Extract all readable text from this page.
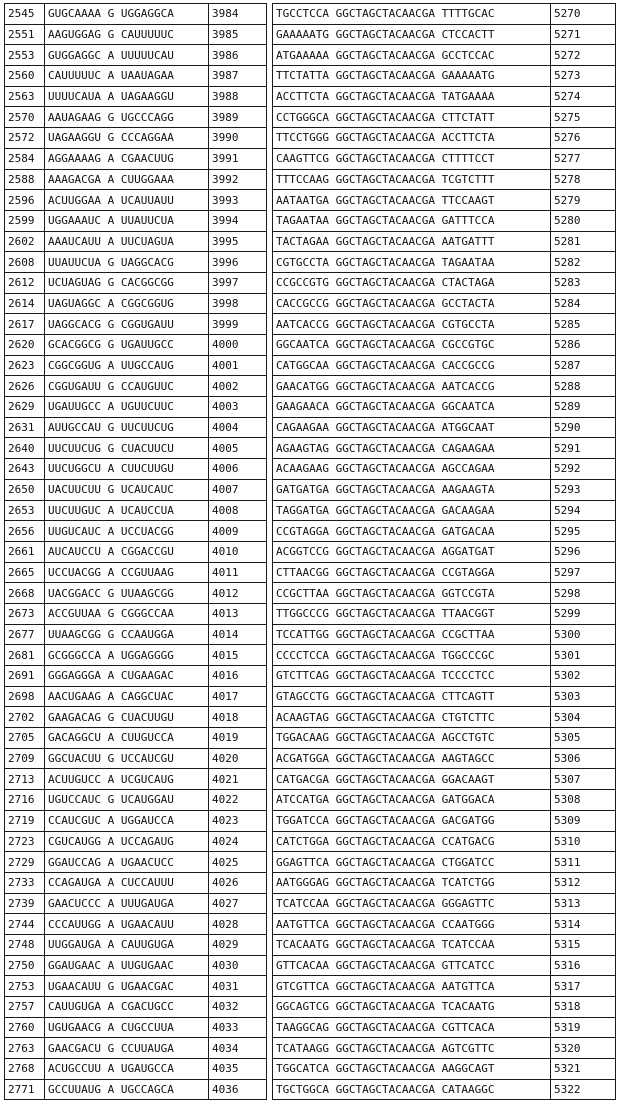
2545	GUGCAAAA G UGGAGGCA	3984		TGCCTCCA GGCTAGCTACAACGA TTTTGCAC	5270
2551	AAGUGGAG G CAUUUUUC	3985		GAAAAATG GGCTAGCTACAACGA CTCCACTT	5271
2553	GUGGAGGC A UUUUUCAU	3986		ATGAAAAA GGCTAGCTACAACGA GCCTCCAC	5272
2560	CAUUUUUC A UAAUAGAA	3987		TTCTATTA GGCTAGCTACAACGA GAAAAATG	5273
2563	UUUUCAUA A UAGAAGGU	3988		ACCTTCTA GGCTAGCTACAACGA TATGAAAA	5274
2570	AAUAGAAG G UGCCCAGG	3989		CCTGGGCA GGCTAGCTACAACGA CTTCTATT	5275
2572	UAGAAGGU G CCCAGGAA	3990		TTCCTGGG GGCTAGCTACAACGA ACCTTCTA	5276
2584	AGGAAAAG A CGAACUUG	3991		CAAGTTCG GGCTAGCTACAACGA CTTTTCCT	5277
2588	AAAGACGA A CUUGGAAA	3992		TTTCCAAG GGCTAGCTACAACGA TCGTCTTT	5278
2596	ACUUGGAA A UCAUUAUU	3993		AATAATGA GGCTAGCTACAACGA TTCCAAGT	5279
2599	UGGAAAUC A UUAUUCUA	3994		TAGAATAA GGCTAGCTACAACGA GATTTCCA	5280
2602	AAAUCAUU A UUCUAGUA	3995		TACTAGAA GGCTAGCTACAACGA AATGATTT	5281
2608	UUAUUCUA G UAGGCACG	3996		CGTGCCTA GGCTAGCTACAACGA TAGAATAA	5282
2612	UCUAGUAG G CACGGCGG	3997		CCGCCGTG GGCTAGCTACAACGA CTACTAGA	5283
2614	UAGUAGGC A CGGCGGUG	3998		CACCGCCG GGCTAGCTACAACGA GCCTACTA	5284
2617	UAGGCACG G CGGUGAUU	3999		AATCACCG GGCTAGCTACAACGA CGTGCCTA	5285
2620	GCACGGCG G UGAUUGCC	4000		GGCAATCA GGCTAGCTACAACGA CGCCGTGC	5286
2623	CGGCGGUG A UUGCCAUG	4001		CATGGCAA GGCTAGCTACAACGA CACCGCCG	5287
2626	CGGUGAUU G CCAUGUUC	4002		GAACATGG GGCTAGCTACAACGA AATCACCG	5288
2629	UGAUUGCC A UGUUCUUC	4003		GAAGAACA GGCTAGCTACAACGA GGCAATCA	5289
2631	AUUGCCAU G UUCUUCUG	4004		CAGAAGAA GGCTAGCTACAACGA ATGGCAAT	5290
2640	UUCUUCUG G CUACUUCU	4005		AGAAGTAG GGCTAGCTACAACGA CAGAAGAA	5291
2643	UUCUGGCU A CUUCUUGU	4006		ACAAGAAG GGCTAGCTACAACGA AGCCAGAA	5292
2650	UACUUCUU G UCAUCAUC	4007		GATGATGA GGCTAGCTACAACGA AAGAAGTA	5293
2653	UUCUUGUC A UCAUCCUA	4008		TAGGATGA GGCTAGCTACAACGA GACAAGAA	5294
2656	UUGUCAUC A UCCUACGG	4009		CCGTAGGA GGCTAGCTACAACGA GATGACAA	5295
2661	AUCAUCCU A CGGACCGU	4010		ACGGTCCG GGCTAGCTACAACGA AGGATGAT	5296
2665	UCCUACGG A CCGUUAAG	4011		CTTAACGG GGCTAGCTACAACGA CCGTAGGA	5297
2668	UACGGACC G UUAAGCGG	4012		CCGCTTAA GGCTAGCTACAACGA GGTCCGTA	5298
2673	ACCGUUAA G CGGGCCAA	4013		TTGGCCCG GGCTAGCTACAACGA TTAACGGT	5299
2677	UUAAGCGG G CCAAUGGA	4014		TCCATTGG GGCTAGCTACAACGA CCGCTTAA	5300
2681	GCGGGCCA A UGGAGGGG	4015		CCCCTCCA GGCTAGCTACAACGA TGGCCCGC	5301
2691	GGGAGGGA A CUGAAGAC	4016		GTCTTCAG GGCTAGCTACAACGA TCCCCTCC	5302
2698	AACUGAAG A CAGGCUAC	4017		GTAGCCTG GGCTAGCTACAACGA CTTCAGTT	5303
2702	GAAGACAG G CUACUUGU	4018		ACAAGTAG GGCTAGCTACAACGA CTGTCTTC	5304
2705	GACAGGCU A CUUGUCCA	4019		TGGACAAG GGCTAGCTACAACGA AGCCTGTC	5305
2709	GGCUACUU G UCCAUCGU	4020		ACGATGGA GGCTAGCTACAACGA AAGTAGCC	5306
2713	ACUUGUCC A UCGUCAUG	4021		CATGACGA GGCTAGCTACAACGA GGACAAGT	5307
2716	UGUCCAUC G UCAUGGAU	4022		ATCCATGA GGCTAGCTACAACGA GATGGACA	5308
2719	CCAUCGUC A UGGAUCCA	4023		TGGATCCA GGCTAGCTACAACGA GACGATGG	5309
2723	CGUCAUGG A UCCAGAUG	4024		CATCTGGA GGCTAGCTACAACGA CCATGACG	5310
2729	GGAUCCAG A UGAACUCC	4025		GGAGTTCA GGCTAGCTACAACGA CTGGATCC	5311
2733	CCAGAUGA A CUCCAUUU	4026		AATGGGAG GGCTAGCTACAACGA TCATCTGG	5312
2739	GAACUCCC A UUUGAUGA	4027		TCATCCAA GGCTAGCTACAACGA GGGAGTTC	5313
2744	CCCAUUGG A UGAACAUU	4028		AATGTTCA GGCTAGCTACAACGA CCAATGGG	5314
2748	UUGGAUGA A CAUUGUGA	4029		TCACAATG GGCTAGCTACAACGA TCATCCAA	5315
2750	GGAUGAAC A UUGUGAAC	4030		GTTCACAA GGCTAGCTACAACGA GTTCATCC	5316
2753	UGAACAUU G UGAACGAC	4031		GTCGTTCA GGCTAGCTACAACGA AATGTTCA	5317
2757	CAUUGUGA A CGACUGCC	4032		GGCAGTCG GGCTAGCTACAACGA TCACAATG	5318
2760	UGUGAACG A CUGCCUUA	4033		TAAGGCAG GGCTAGCTACAACGA CGTTCACA	5319
2763	GAACGACU G CCUUAUGA	4034		TCATAAGG GGCTAGCTACAACGA AGTCGTTC	5320
2768	ACUGCCUU A UGAUGCCA	4035		TGGCATCA GGCTAGCTACAACGA AAGGCAGT	5321
2771	GCCUUAUG A UGCCAGCA	4036		TGCTGGCA GGCTAGCTACAACGA CATAAGGC	5322
